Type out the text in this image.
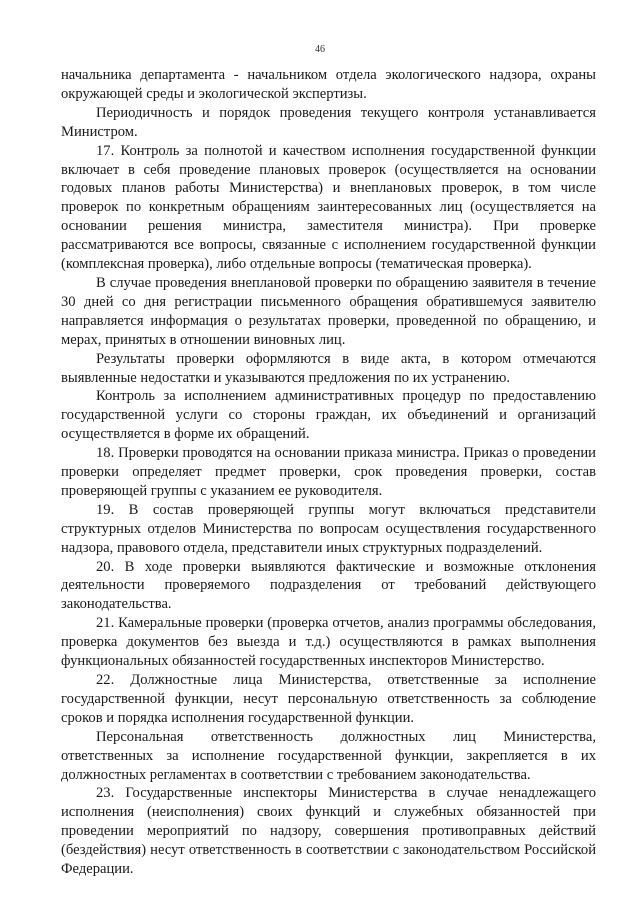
46

начальника департамента - начальником отдела экологического надзора, охраны окружающей среды и экологической экспертизы.

Периодичность и порядок проведения текущего контроля устанавливается Министром.

17. Контроль за полнотой и качеством исполнения государственной функции включает в себя проведение плановых проверок (осуществляется на основании годовых планов работы Министерства) и внеплановых проверок, в том числе проверок по конкретным обращениям заинтересованных лиц (осуществляется на основании решения министра, заместителя министра). При проверке рассматриваются все вопросы, связанные с исполнением государственной функции (комплексная проверка), либо отдельные вопросы (тематическая проверка).

В случае проведения внеплановой проверки по обращению заявителя в течение 30 дней со дня регистрации письменного обращения обратившемуся заявителю направляется информация о результатах проверки, проведенной по обращению, и мерах, принятых в отношении виновных лиц.

Результаты проверки оформляются в виде акта, в котором отмечаются выявленные недостатки и указываются предложения по их устранению.

Контроль за исполнением административных процедур по предоставлению государственной услуги со стороны граждан, их объединений и организаций осуществляется в форме их обращений.

18. Проверки проводятся на основании приказа министра. Приказ о проведении проверки определяет предмет проверки, срок проведения проверки, состав проверяющей группы с указанием ее руководителя.

19. В состав проверяющей группы могут включаться представители структурных отделов Министерства по вопросам осуществления государственного надзора, правового отдела, представители иных структурных подразделений.

20. В ходе проверки выявляются фактические и возможные отклонения деятельности проверяемого подразделения от требований действующего законодательства.

21. Камеральные проверки (проверка отчетов, анализ программы обследования, проверка документов без выезда и т.д.) осуществляются в рамках выполнения функциональных обязанностей государственных инспекторов Министерство.

22. Должностные лица Министерства, ответственные за исполнение государственной функции, несут персональную ответственность за соблюдение сроков и порядка исполнения государственной функции.

Персональная ответственность должностных лиц Министерства, ответственных за исполнение государственной функции, закрепляется в их должностных регламентах в соответствии с требованием законодательства.

23. Государственные инспекторы Министерства в случае ненадлежащего исполнения (неисполнения) своих функций и служебных обязанностей при проведении мероприятий по надзору, совершения противоправных действий (бездействия) несут ответственность в соответствии с законодательством Российской Федерации.
